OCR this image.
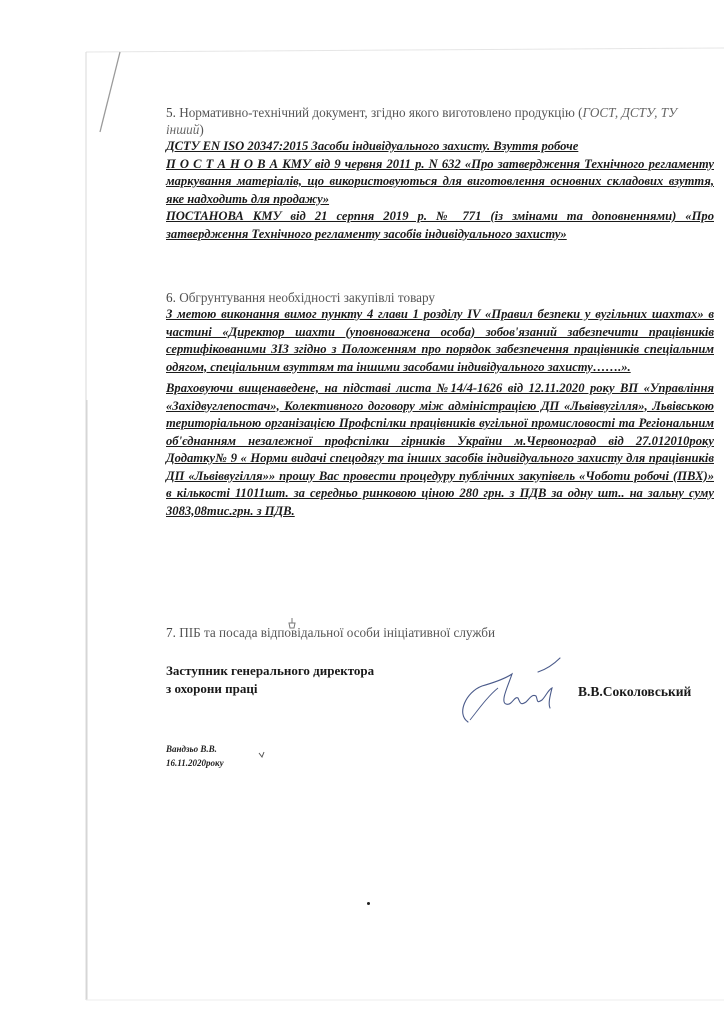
5. Нормативно-технічний документ, згідно якого виготовлено продукцію (ГОСТ, ДСТУ, ТУ інший)

ДСТУ EN ISO 20347:2015 Засоби індивідуального захисту. Взуття робоче

П О С Т А Н О В А КМУ від 9 червня 2011 р. N 632 «Про затвердження Технічного регламенту маркування матеріалів, що використовуються для виготовлення основних складових взуття, яке надходить для продажу»

ПОСТАНОВА КМУ від 21 серпня 2019 р. № 771 (із змінами та доповненнями) «Про затвердження Технічного регламенту засобів індивідуального захисту»

6. Обгрунтування необхідності закупівлі товару

З метою виконання вимог пункту 4 глави 1 розділу IV «Правил безпеки у вугільних шахтах» в частині «Директор шахти (уповноважена особа) зобов'язаний забезпечити працівників сертифікованими ЗІЗ згідно з Положенням про порядок забезпечення працівників спеціальним одягом, спеціальним взуттям та іншими засобами індивідуального захисту…….».

Враховуючи вищенаведене, на підставі листа №14/4-1626 від 12.11.2020 року ВП «Управління «Західвуглепостач», Колективного договору між адміністрацією ДП «Львіввугілля», Львівською територіальною організацією Профспілки працівників вугільної промисловості та Регіональним об'єднанням незалежної профспілки гірників України м.Червоноград від 27.012010року Додатку№ 9 « Норми видачі спецодягу та інших засобів індивідуального захисту для працівників ДП «Львіввугілля»» прошу Вас провести процедуру публічних закупівель «Чоботи робочі (ПВХ)» в кількості 11011шт. за середньо ринковою ціною 280 грн. з ПДВ за одну шт.. на зальну суму 3083,08тис.грн. з ПДВ.

7. ПІБ та посада відповідальної особи ініціативної служби
Заступник генерального директора
з охорони праці	В.В.Соколовський
Вандзьо В.В.
16.11.2020року
